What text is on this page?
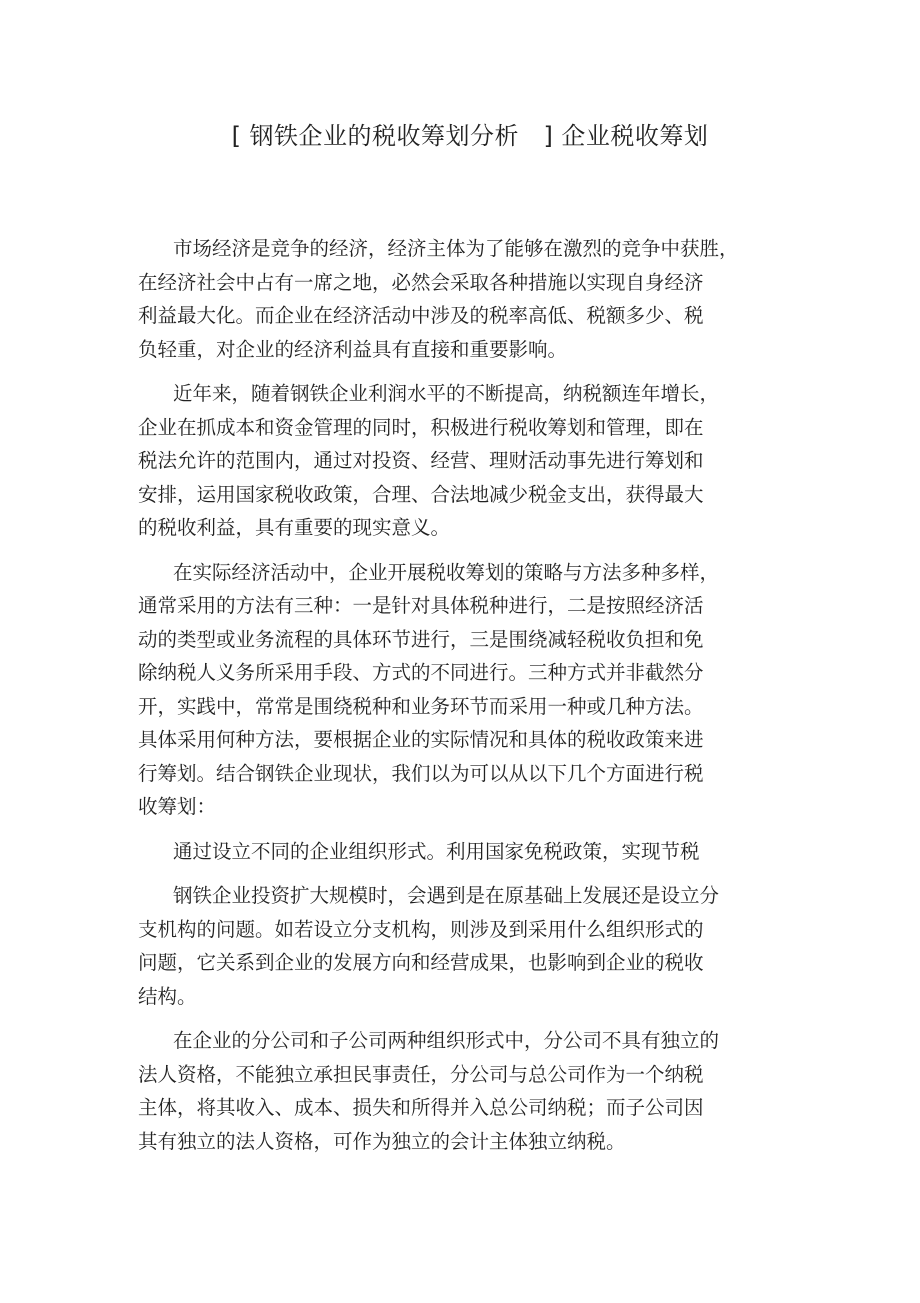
[ 钢铁企业的税收筹划分析   ] 企业税收筹划
市场经济是竞争的经济，经济主体为了能够在激烈的竞争中获胜，
在经济社会中占有一席之地，必然会采取各种措施以实现自身经济
利益最大化。而企业在经济活动中涉及的税率高低、税额多少、税
负轻重，对企业的经济利益具有直接和重要影响。
近年来，随着钢铁企业利润水平的不断提高，纳税额连年增长，
企业在抓成本和资金管理的同时，积极进行税收筹划和管理，即在
税法允许的范围内，通过对投资、经营、理财活动事先进行筹划和
安排，运用国家税收政策，合理、合法地减少税金支出，获得最大
的税收利益，具有重要的现实意义。
在实际经济活动中，企业开展税收筹划的策略与方法多种多样，
通常采用的方法有三种：一是针对具体税种进行，二是按照经济活
动的类型或业务流程的具体环节进行，三是围绕减轻税收负担和免
除纳税人义务所采用手段、方式的不同进行。三种方式并非截然分
开，实践中，常常是围绕税种和业务环节而采用一种或几种方法。
具体采用何种方法，要根据企业的实际情况和具体的税收政策来进
行筹划。结合钢铁企业现状，我们以为可以从以下几个方面进行税
收筹划：
通过设立不同的企业组织形式。利用国家免税政策，实现节税
钢铁企业投资扩大规模时，会遇到是在原基础上发展还是设立分
支机构的问题。如若设立分支机构，则涉及到采用什么组织形式的
问题，它关系到企业的发展方向和经营成果，也影响到企业的税收
结构。
在企业的分公司和子公司两种组织形式中，分公司不具有独立的
法人资格，不能独立承担民事责任，分公司与总公司作为一个纳税
主体，将其收入、成本、损失和所得并入总公司纳税；而子公司因
其有独立的法人资格，可作为独立的会计主体独立纳税。
